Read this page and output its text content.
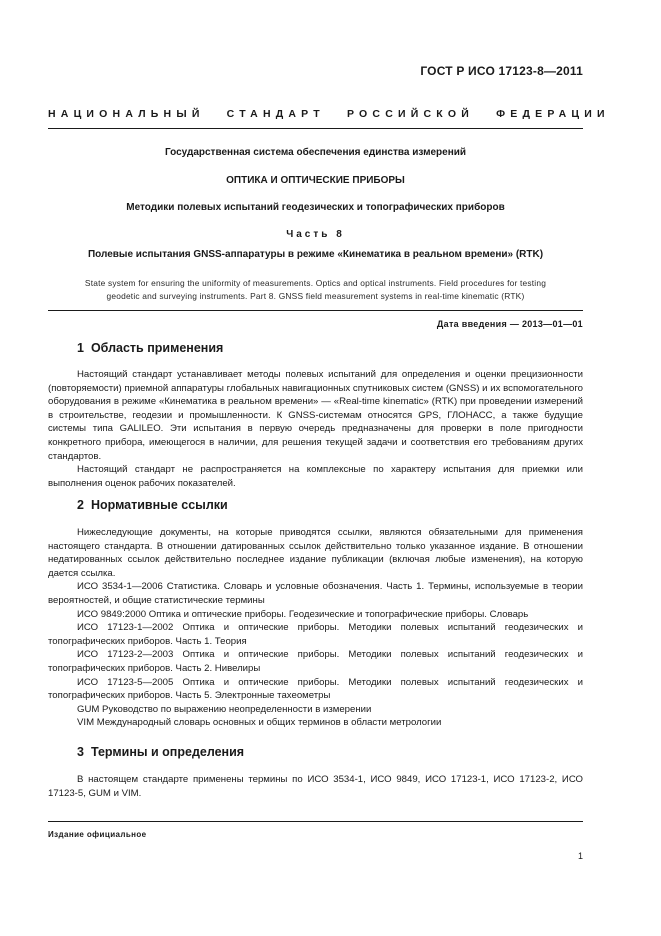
ГОСТ Р ИСО 17123-8—2011
НАЦИОНАЛЬНЫЙ СТАНДАРТ РОССИЙСКОЙ ФЕДЕРАЦИИ
Государственная система обеспечения единства измерений
ОПТИКА И ОПТИЧЕСКИЕ ПРИБОРЫ
Методики полевых испытаний геодезических и топографических приборов
Часть 8
Полевые испытания GNSS-аппаратуры в режиме «Кинематика в реальном времени» (RTK)
State system for ensuring the uniformity of measurements. Optics and optical instruments. Field procedures for testing
geodetic and surveying instruments. Part 8. GNSS field measurement systems in real-time kinematic (RTK)
Дата введения — 2013—01—01
1 Область применения

Настоящий стандарт устанавливает методы полевых испытаний для определения и оценки прецизионности (повторяемости) приемной аппаратуры глобальных навигационных спутниковых систем (GNSS) и их вспомогательного оборудования в режиме «Кинематика в реальном времени» — «Real-time kinematic» (RTK) при проведении измерений в строительстве, геодезии и промышленности. К GNSS-системам относятся GPS, ГЛОНАСС, а также будущие системы типа GALILEO. Эти испытания в первую очередь предназначены для проверки в поле пригодности конкретного прибора, имеющегося в наличии, для решения текущей задачи и соответствия его требованиям других стандартов.

Настоящий стандарт не распространяется на комплексные по характеру испытания для приемки или выполнения оценок рабочих показателей.

2 Нормативные ссылки

Нижеследующие документы, на которые приводятся ссылки, являются обязательными для применения настоящего стандарта. В отношении датированных ссылок действительно только указанное издание. В отношении недатированных ссылок действительно последнее издание публикации (включая любые изменения), на которую дается ссылка.

ИСО 3534-1—2006 Статистика. Словарь и условные обозначения. Часть 1. Термины, используемые в теории вероятностей, и общие статистические термины

ИСО 9849:2000 Оптика и оптические приборы. Геодезические и топографические приборы. Словарь

ИСО 17123-1—2002 Оптика и оптические приборы. Методики полевых испытаний геодезических и топографических приборов. Часть 1. Теория

ИСО 17123-2—2003 Оптика и оптические приборы. Методики полевых испытаний геодезических и топографических приборов. Часть 2. Нивелиры

ИСО 17123-5—2005 Оптика и оптические приборы. Методики полевых испытаний геодезических и топографических приборов. Часть 5. Электронные тахеометры

GUM Руководство по выражению неопределенности в измерении

VIM Международный словарь основных и общих терминов в области метрологии

3 Термины и определения

В настоящем стандарте применены термины по ИСО 3534-1, ИСО 9849, ИСО 17123-1, ИСО 17123-2, ИСО 17123-5, GUM и VIM.

Издание официальное
1
